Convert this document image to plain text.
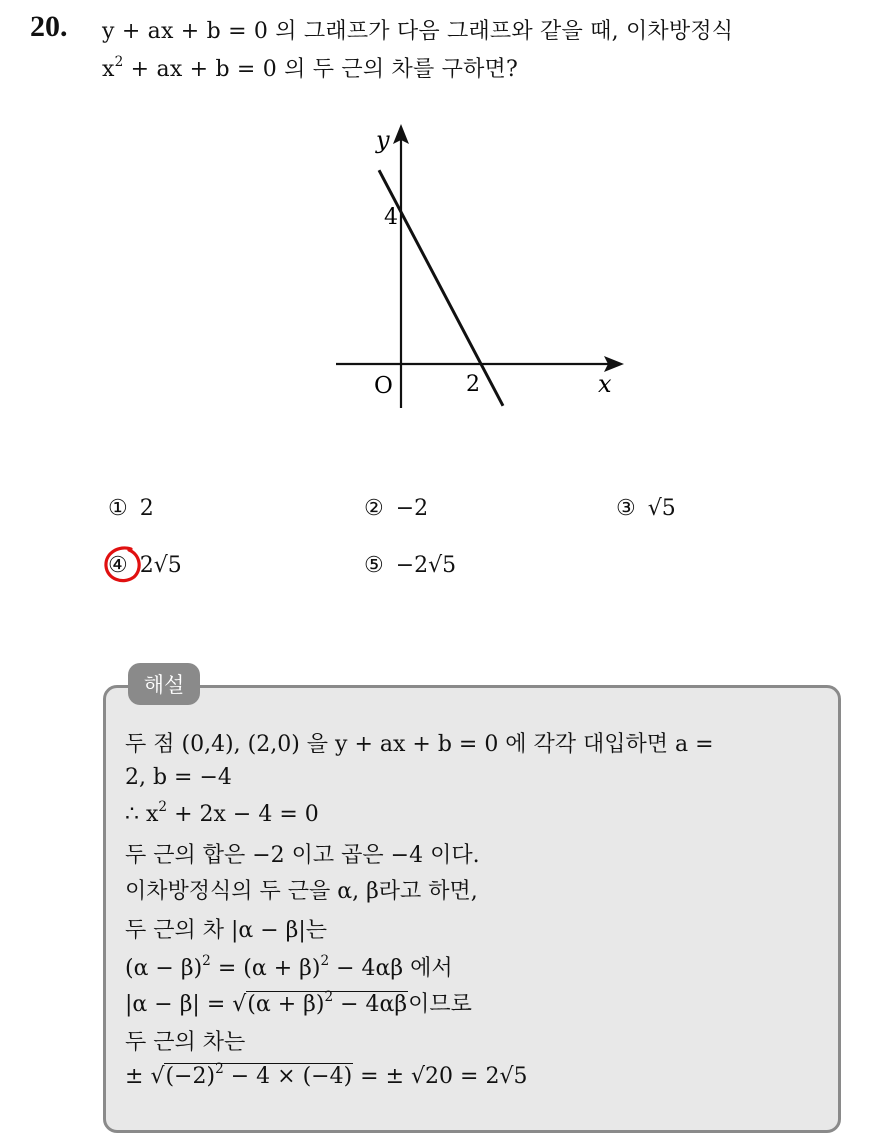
20. y + ax + b = 0 의 그래프가 다음 그래프와 같을 때, 이차방정식
$x^2$ + ax + b = 0 의 두 근의 차를 구하면?
y
x
O
4
2
① 2	② −2	③ √5
④ 2√5	⑤ −2√5
해설
두 점 (0,4), (2,0) 을 y + ax + b = 0 에 각각 대입하면 a =
2, b = −4
∴ $x^2 + 2x - 4 = 0$
두 근의 합은 −2 이고 곱은 −4 이다.
이차방정식의 두 근을 α, β라고 하면,
두 근의 차 |α − β|는
$(\alpha - \beta)^2 = (\alpha + \beta)^2 - 4\alpha\beta$ 에서
$|\alpha - \beta| = √(\alpha + \beta)^2 - 4\alpha\beta$이므로
두 근의 차는
± $√(-2)^2 - 4 \times (-4)$ = ± √20 = 2√5
